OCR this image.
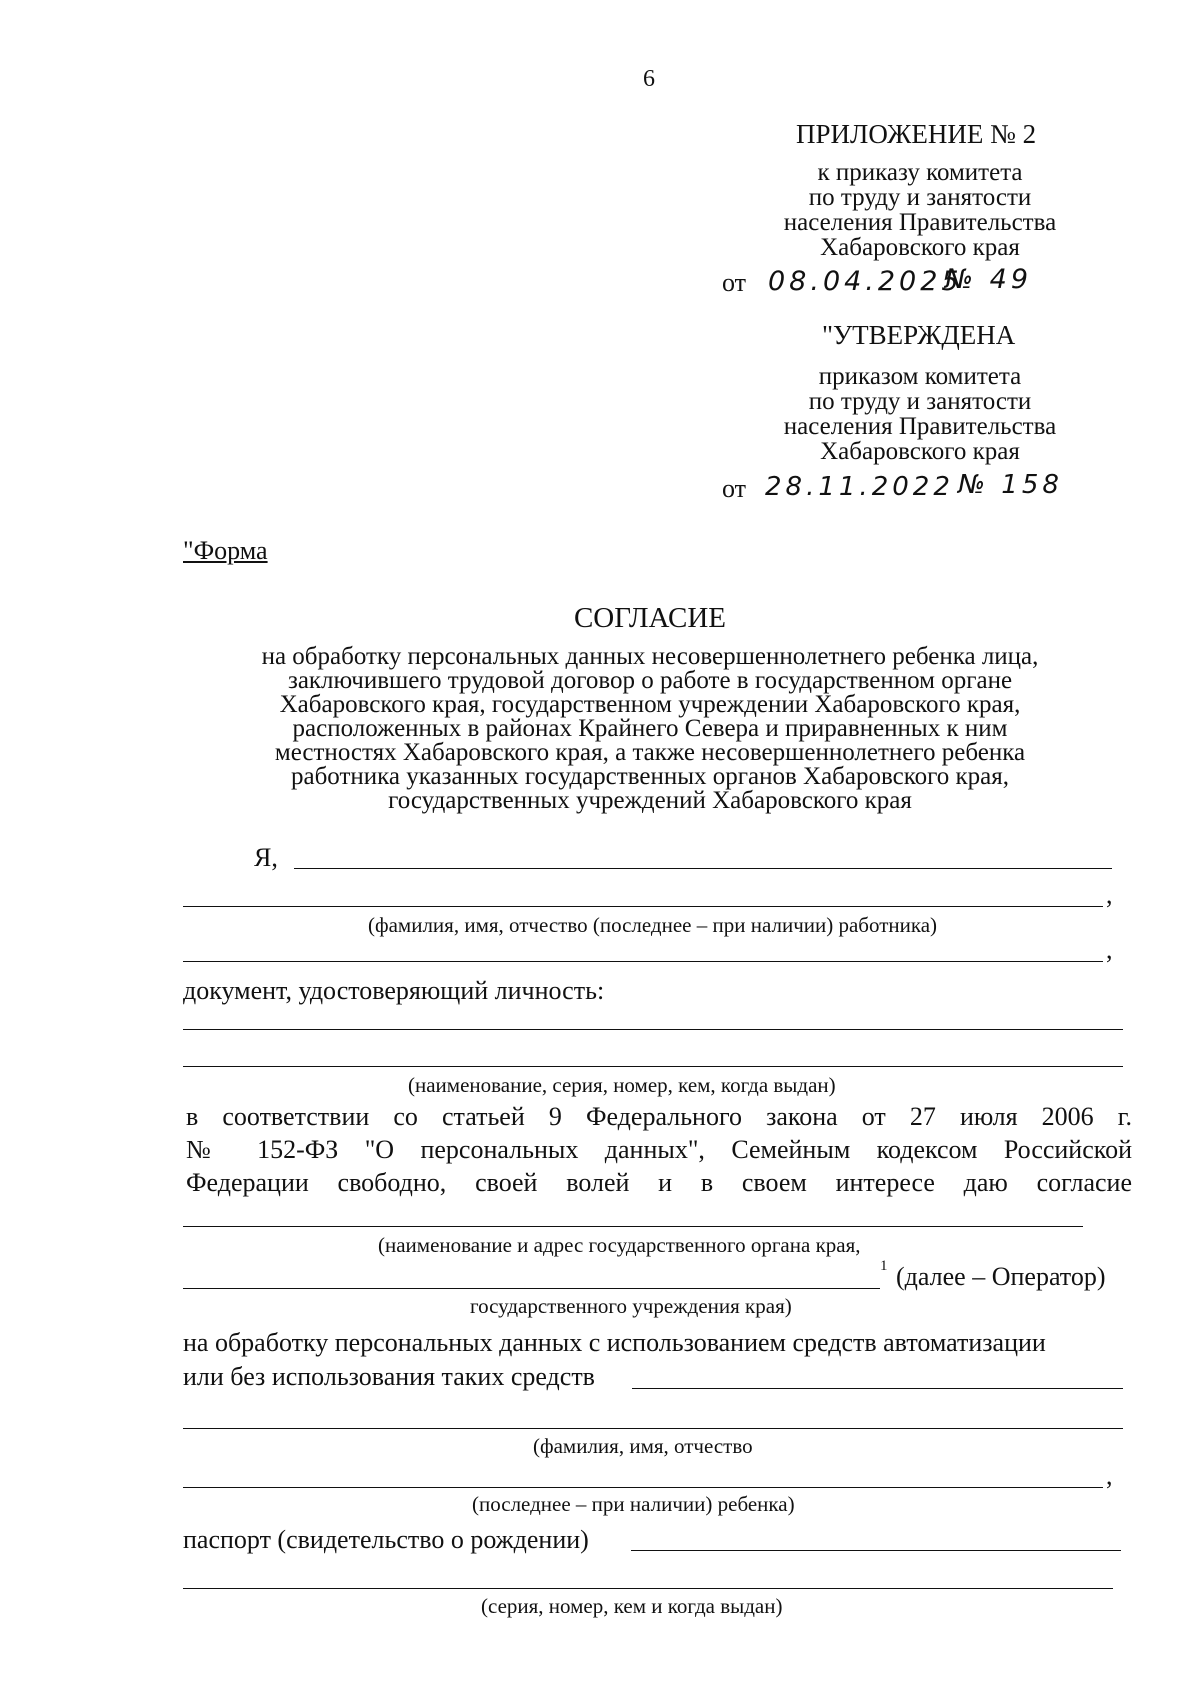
6
ПРИЛОЖЕНИЕ № 2
к приказу комитета
по труду и занятости
населения Правительства
Хабаровского края
от 08.04.2025
№ 49
"УТВЕРЖДЕНА
приказом комитета
по труду и занятости
населения Правительства
Хабаровского края
от 28.11.2022 № 158
"Форма
СОГЛАСИЕ
на обработку персональных данных несовершеннолетнего ребенка лица,
заключившего трудовой договор о работе в государственном органе
Хабаровского края, государственном учреждении Хабаровского края,
расположенных в районах Крайнего Севера и приравненных к ним
местностях Хабаровского края, а также несовершеннолетнего ребенка
работника указанных государственных органов Хабаровского края,
государственных учреждений Хабаровского края
Я,
,
(фамилия, имя, отчество (последнее – при наличии) работника)
,
документ, удостоверяющий личность:
(наименование, серия, номер, кем, когда выдан)
в соответствии со статьей 9 Федерального закона от 27 июля 2006 г.
№ 152-ФЗ "О персональных данных", Семейным кодексом Российской
Федерации свободно, своей волей и в своем интересе даю согласие
(наименование и адрес государственного органа края,
1 (далее – Оператор)
государственного учреждения края)
на обработку персональных данных с использованием средств автоматизации
или без использования таких средств
(фамилия, имя, отчество
,
(последнее – при наличии) ребенка)
паспорт (свидетельство о рождении)
(серия, номер, кем и когда выдан)
